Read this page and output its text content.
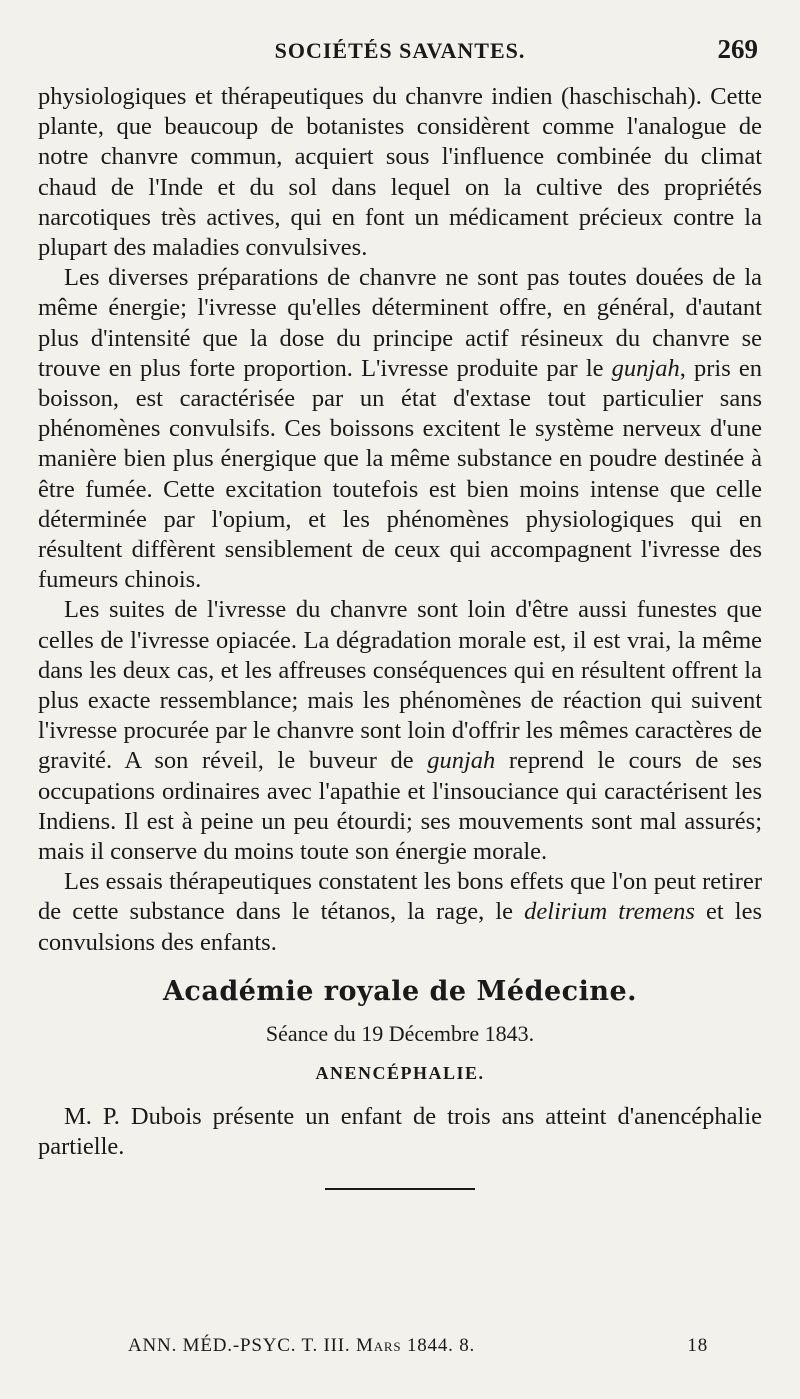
SOCIÉTÉS SAVANTES.	269

physiologiques et thérapeutiques du chanvre indien (haschischah). Cette plante, que beaucoup de botanistes considèrent comme l'analogue de notre chanvre commun, acquiert sous l'influence combinée du climat chaud de l'Inde et du sol dans lequel on la cultive des propriétés narcotiques très actives, qui en font un médicament précieux contre la plupart des maladies convulsives.

Les diverses préparations de chanvre ne sont pas toutes douées de la même énergie; l'ivresse qu'elles déterminent offre, en général, d'autant plus d'intensité que la dose du principe actif résineux du chanvre se trouve en plus forte proportion. L'ivresse produite par le gunjah, pris en boisson, est caractérisée par un état d'extase tout particulier sans phénomènes convulsifs. Ces boissons excitent le système nerveux d'une manière bien plus énergique que la même substance en poudre destinée à être fumée. Cette excitation toutefois est bien moins intense que celle déterminée par l'opium, et les phénomènes physiologiques qui en résultent diffèrent sensiblement de ceux qui accompagnent l'ivresse des fumeurs chinois.

Les suites de l'ivresse du chanvre sont loin d'être aussi funestes que celles de l'ivresse opiacée. La dégradation morale est, il est vrai, la même dans les deux cas, et les affreuses conséquences qui en résultent offrent la plus exacte ressemblance; mais les phénomènes de réaction qui suivent l'ivresse procurée par le chanvre sont loin d'offrir les mêmes caractères de gravité. A son réveil, le buveur de gunjah reprend le cours de ses occupations ordinaires avec l'apathie et l'insouciance qui caractérisent les Indiens. Il est à peine un peu étourdi; ses mouvements sont mal assurés; mais il conserve du moins toute son énergie morale.

Les essais thérapeutiques constatent les bons effets que l'on peut retirer de cette substance dans le tétanos, la rage, le delirium tremens et les convulsions des enfants.

Académie royale de Médecine.
Séance du 19 Décembre 1843.
ANENCÉPHALIE.

M. P. Dubois présente un enfant de trois ans atteint d'anencéphalie partielle.

ANN. MÉD.-PSYC. T. III. Mars 1844. 8.	18
